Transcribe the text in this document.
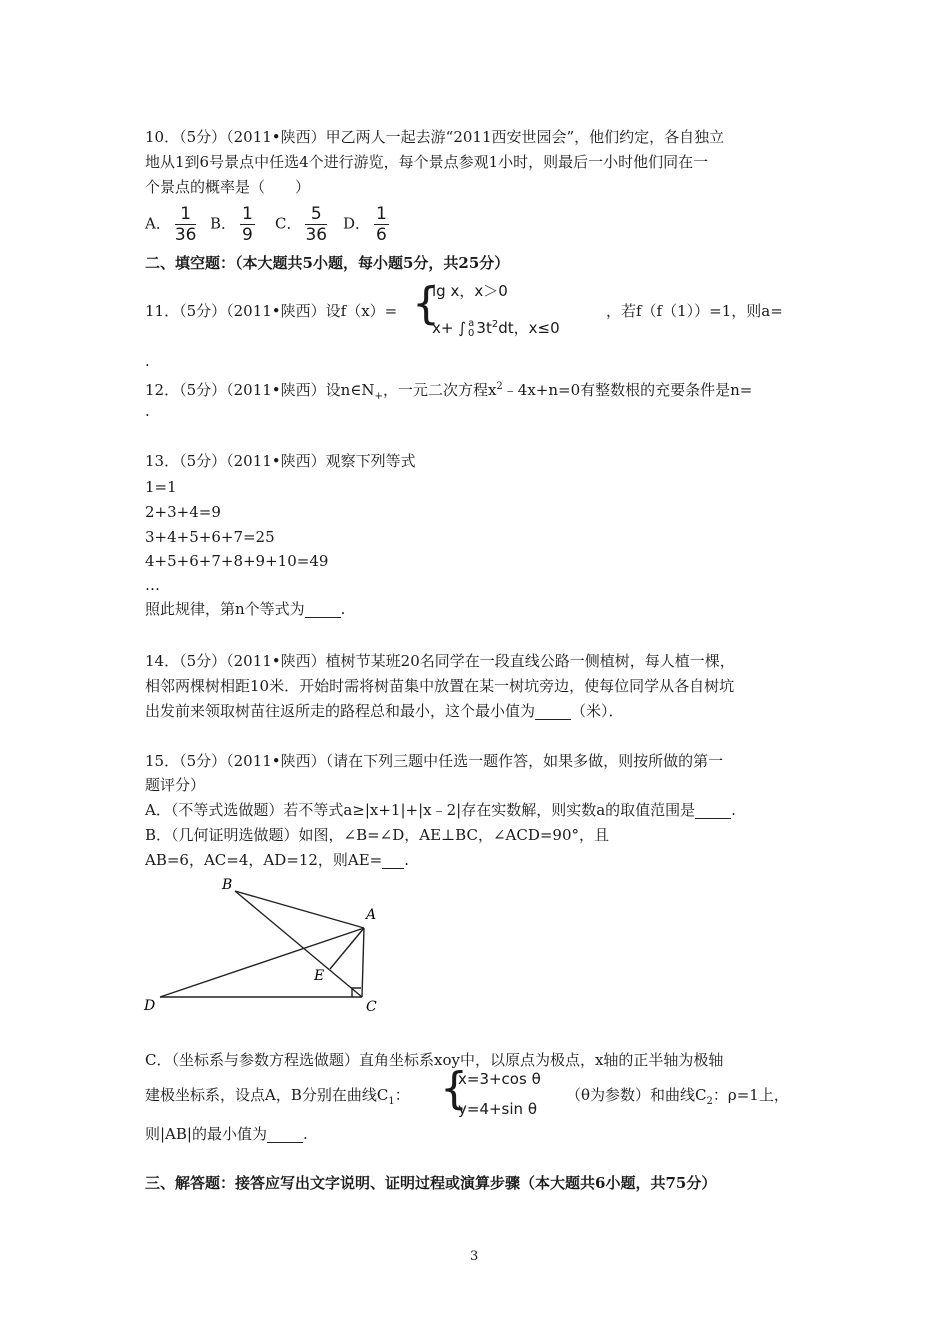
10．（5分）（2011•陕西）甲乙两人一起去游“2011西安世园会”，他们约定，各自独立
地从1到6号景点中任选4个进行游览，每个景点参观1小时，则最后一小时他们同在一
个景点的概率是（　　）
A． $\frac{1}{36}$ B． $\frac{1}{9}$ C． $\frac{5}{36}$ D． $\frac{1}{6}$
二、填空题：（本大题共5小题，每小题5分，共25分）
11．（5分）（2011•陕西）设f（x）= {
lg x，x＞0
x+ ∫ a
0 $3t^2dt$，x≤0
，若f（f（1））=1，则a=
.
12．（5分）（2011•陕西）设$n\in N_+$，一元二次方程$x^2﹣4x+n=0$有整数根的充要条件是n=
.
13．（5分）（2011•陕西）观察下列等式
1=1
2+3+4=9
3+4+5+6+7=25
4+5+6+7+8+9+10=49
…
照此规律，第n个等式为 .
14．（5分）（2011•陕西）植树节某班20名同学在一段直线公路一侧植树，每人植一棵，
相邻两棵树相距10米．开始时需将树苗集中放置在某一树坑旁边，使每位同学从各自树坑
出发前来领取树苗往返所走的路程总和最小，这个最小值为 （米）．
15．（5分）（2011•陕西）（请在下列三题中任选一题作答，如果多做，则按所做的第一
题评分）
A．（不等式选做题）若不等式a≥|x+1|+|x﹣2|存在实数解，则实数a的取值范围是 .
B．（几何证明选做题）如图，∠B=∠D，AE⊥BC，∠ACD=90°，且
AB=6，AC=4，AD=12，则AE= .
B
A
E
D	C
C．（坐标系与参数方程选做题）直角坐标系xoy中，以原点为极点，x轴的正半轴为极轴
建极坐标系，设点A，B分别在曲线$C_1$： {
x=3+cos θ
y=4+sin θ
（θ为参数）和曲线$C_2$：ρ=1上，
则|AB|的最小值为 .
三、解答题：接答应写出文字说明、证明过程或演算步骤（本大题共6小题，共75分）
3
